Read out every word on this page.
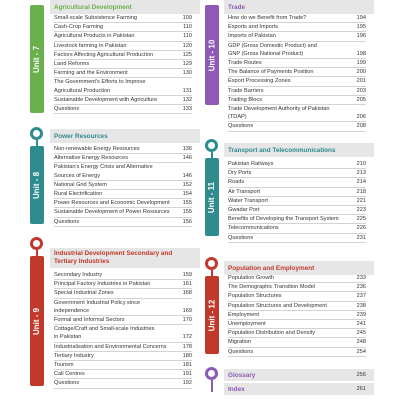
Unit - 7
Agricultural Development
Small-scale Subsistence Farming	109
Cash-Crop Farming	110
Agricultural Products in Pakistan	110
Livestock farming in Pakistan	120
Factors Affecting Agricultural Production	125
Land Reforms	129
Farming and the Environment	130
The Government's Efforts to Improve
Agricultural Production	131
Sustainable Development with Agriculture	132
Questions	133
Unit - 8
Power Resources
Non-renewable Energy Resources	136
Alternative Energy Resources	146
Pakistan's Energy Crisis and Alternative
Sources of Energy	146
National Grid System	152
Rural Electrification	154
Power Resources and Economic Development	155
Sustainable Development of Power Resources	155
Questions	156
Unit - 9
Industrial Development Secondary and
Tertiary Industries
Secondary Industry	159
Principal Factory Industries in Pakistan	161
Special Industrial Zones	168
Government Industrial Policy since
independence	169
Formal and Informal Sectors	170
Cottage/Craft and Small-scale Industries
in Pakistan	172
Industrialisation and Environmental Concerns	178
Tertiary Industry	180
Tourism	181
Call Centres	191
Questions	192
Unit - 10
Trade
How do we Benefit from Trade?	194
Exports and Imports	195
Imports of Pakistan	196
GDP (Gross Domestic Product) and
GNP (Gross National Product)	198
Trade Routes	199
The Balance of Payments Position	200
Export Processing Zones	201
Trade Barriers	203
Trading Blocs	205
Trade Development Authority of Pakistan
(TDAP)	206
Questions	208
Unit - 11
Transport and Telecommunications
Pakistan Railways	210
Dry Ports	213
Roads	214
Air Transport	218
Water Transport	221
Gwadar Port	223
Benefits of Developing the Transport System	225
Telecommunications	226
Questions	231
Unit - 12
Population and Employment
Population Growth	233
The Demographic Transition Model	236
Population Structures	237
Population Structures and Development	238
Employment	239
Unemployment	241
Population Distribution and Density	245
Migration	248
Questions	254
Glossary	256
Index	261
